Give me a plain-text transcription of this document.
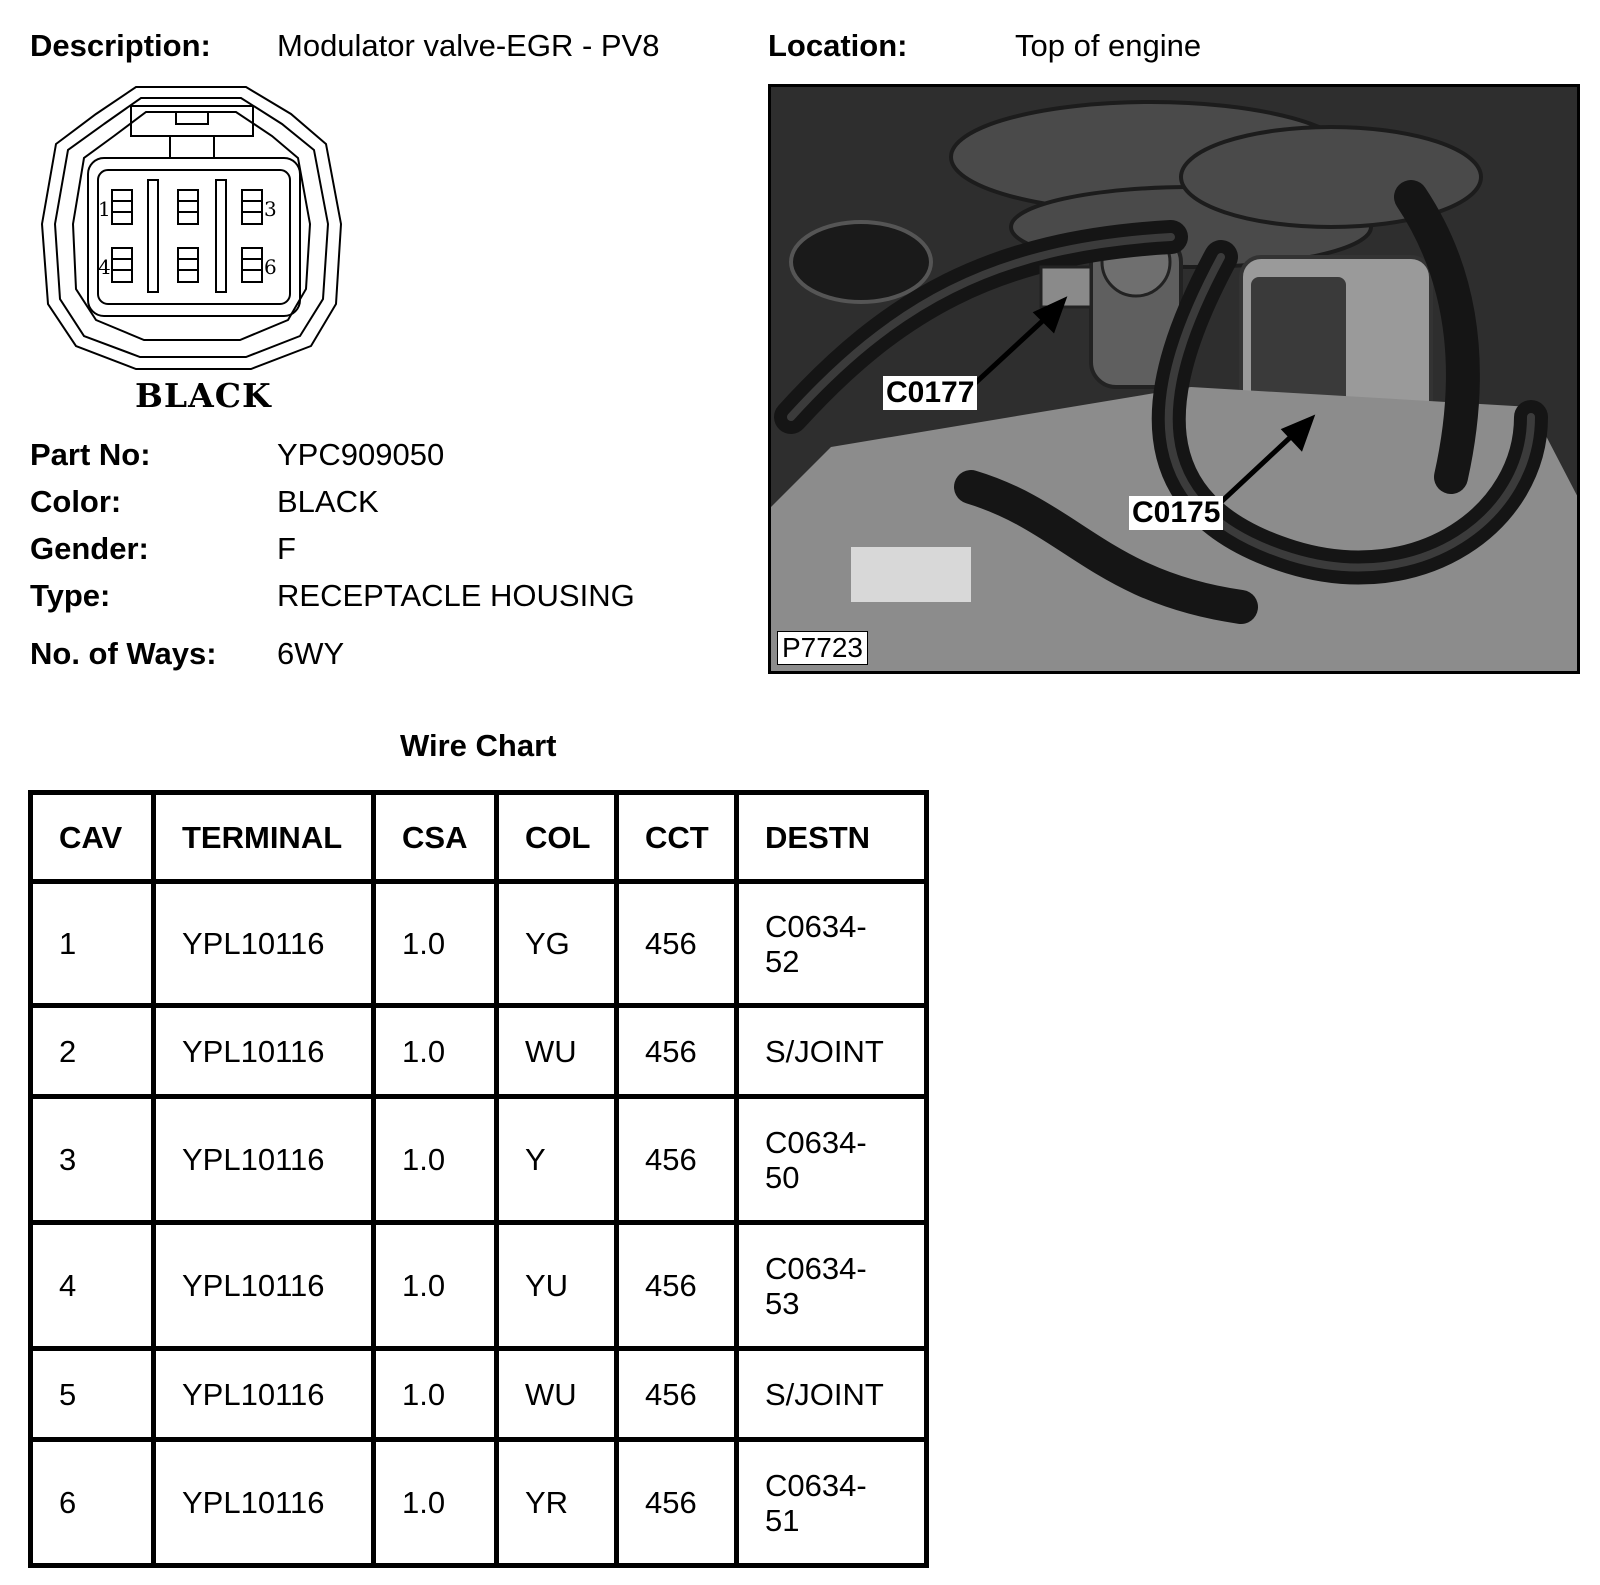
Description: Modulator valve-EGR - PV8	Location:	Top of engine
1	3
4	6
BLACK
Part No:	YPC909050
Color:	BLACK
Gender:	F
Type:	RECEPTACLE HOUSING
No. of Ways: 6WY
C0177
C0175
P7723
Wire Chart
CAV	TERMINAL	CSA	COL	CCT	DESTN
1	YPL10116	1.0	YG	456	C0634-
52

2	YPL10116	1.0	WU	456	S/JOINT

3	YPL10116	1.0	Y	456	C0634-
50

4	YPL10116	1.0	YU	456	C0634-
53

5	YPL10116	1.0	WU	456	S/JOINT

6	YPL10116	1.0	YR	456	C0634-
51
